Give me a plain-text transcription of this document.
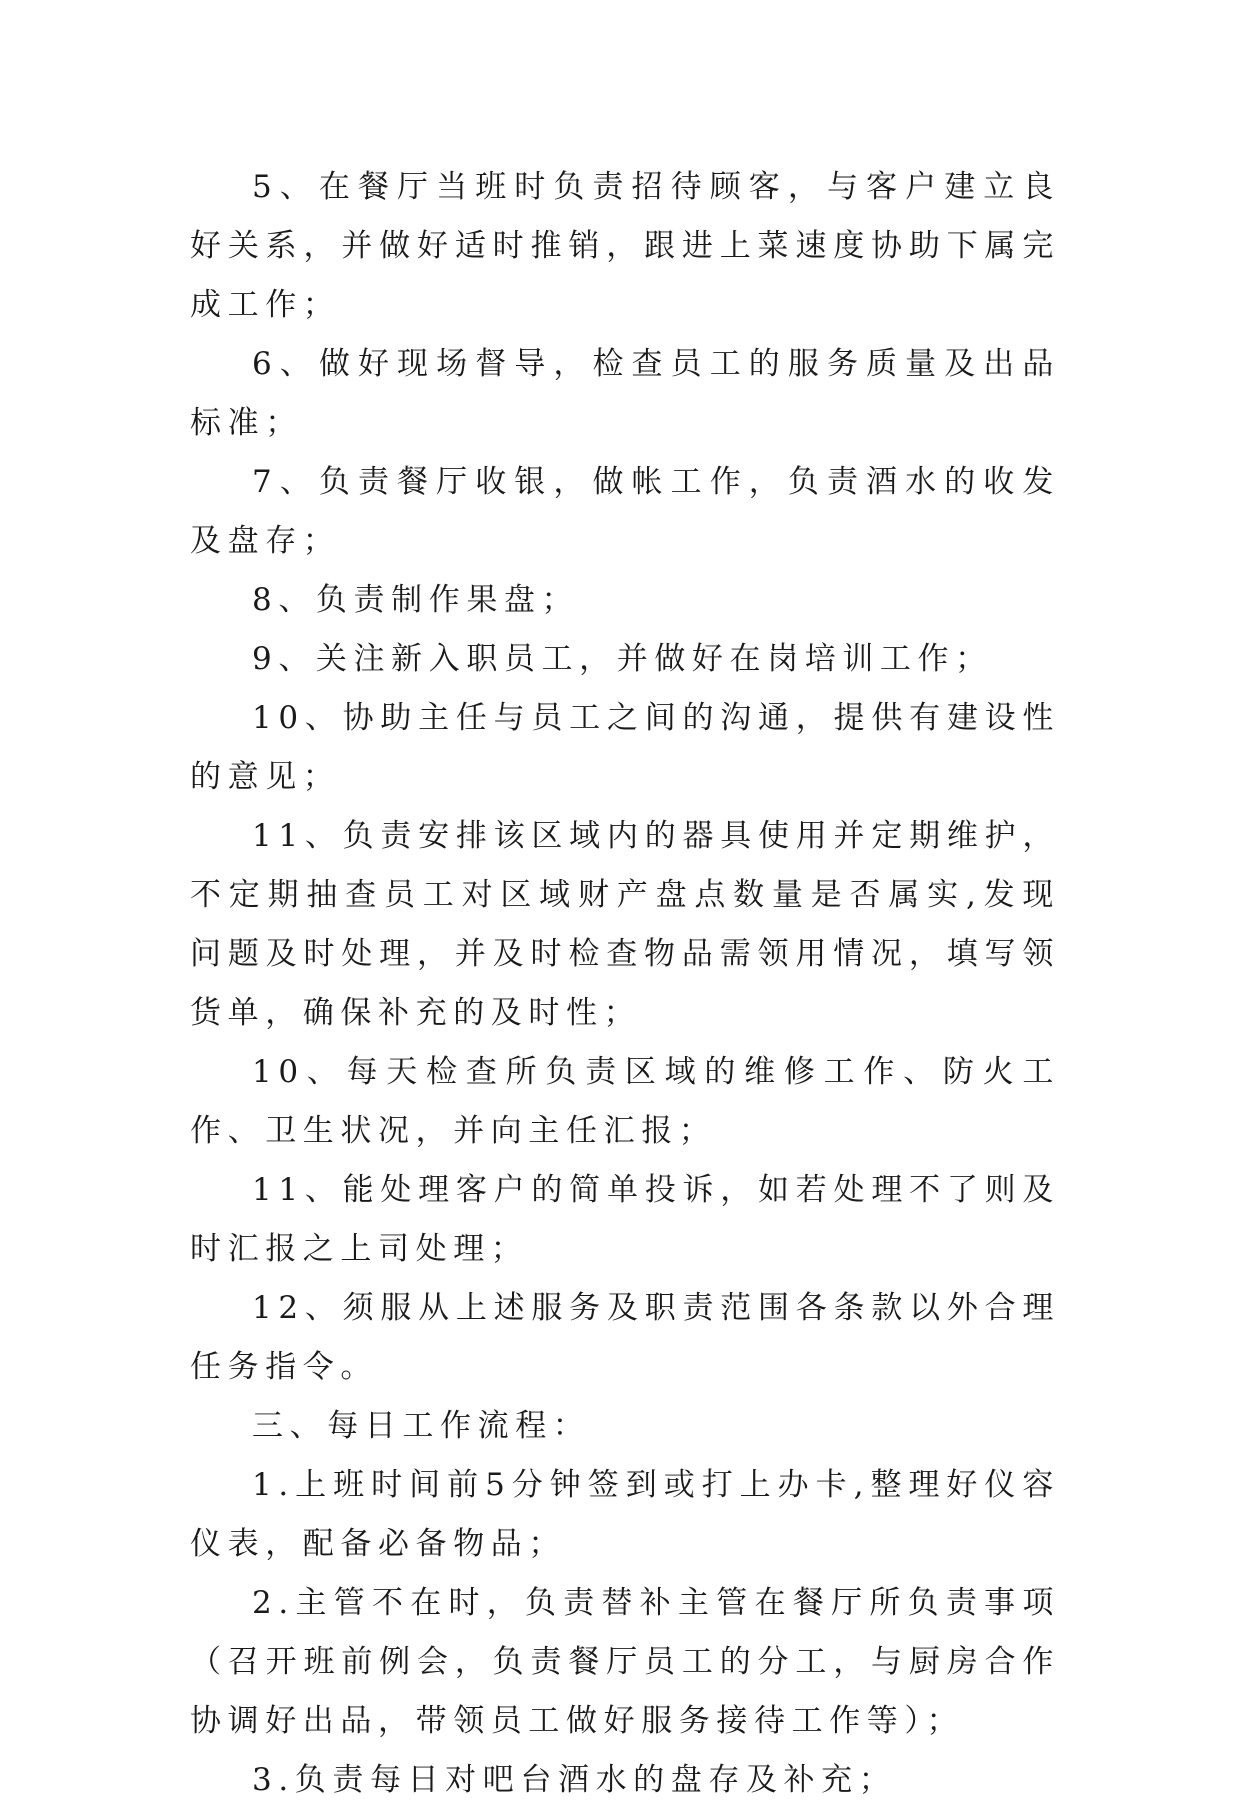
5、在餐厅当班时负责招待顾客，与客户建立良好关系，并做好适时推销，跟进上菜速度协助下属完成工作；

6、做好现场督导，检查员工的服务质量及出品标准；

7、负责餐厅收银，做帐工作，负责酒水的收发及盘存；

8、负责制作果盘；

9、关注新入职员工，并做好在岗培训工作；

10、协助主任与员工之间的沟通，提供有建设性的意见；

11、负责安排该区域内的器具使用并定期维护，不定期抽查员工对区域财产盘点数量是否属实,发现问题及时处理，并及时检查物品需领用情况，填写领货单，确保补充的及时性；

10、每天检查所负责区域的维修工作、防火工作、卫生状况，并向主任汇报；

11、能处理客户的简单投诉，如若处理不了则及时汇报之上司处理；

12、须服从上述服务及职责范围各条款以外合理任务指令。

三、每日工作流程：

1.上班时间前5分钟签到或打上办卡,整理好仪容仪表，配备必备物品；

2.主管不在时，负责替补主管在餐厅所负责事项（召开班前例会，负责餐厅员工的分工，与厨房合作协调好出品，带领员工做好服务接待工作等）；

3.负责每日对吧台酒水的盘存及补充；
